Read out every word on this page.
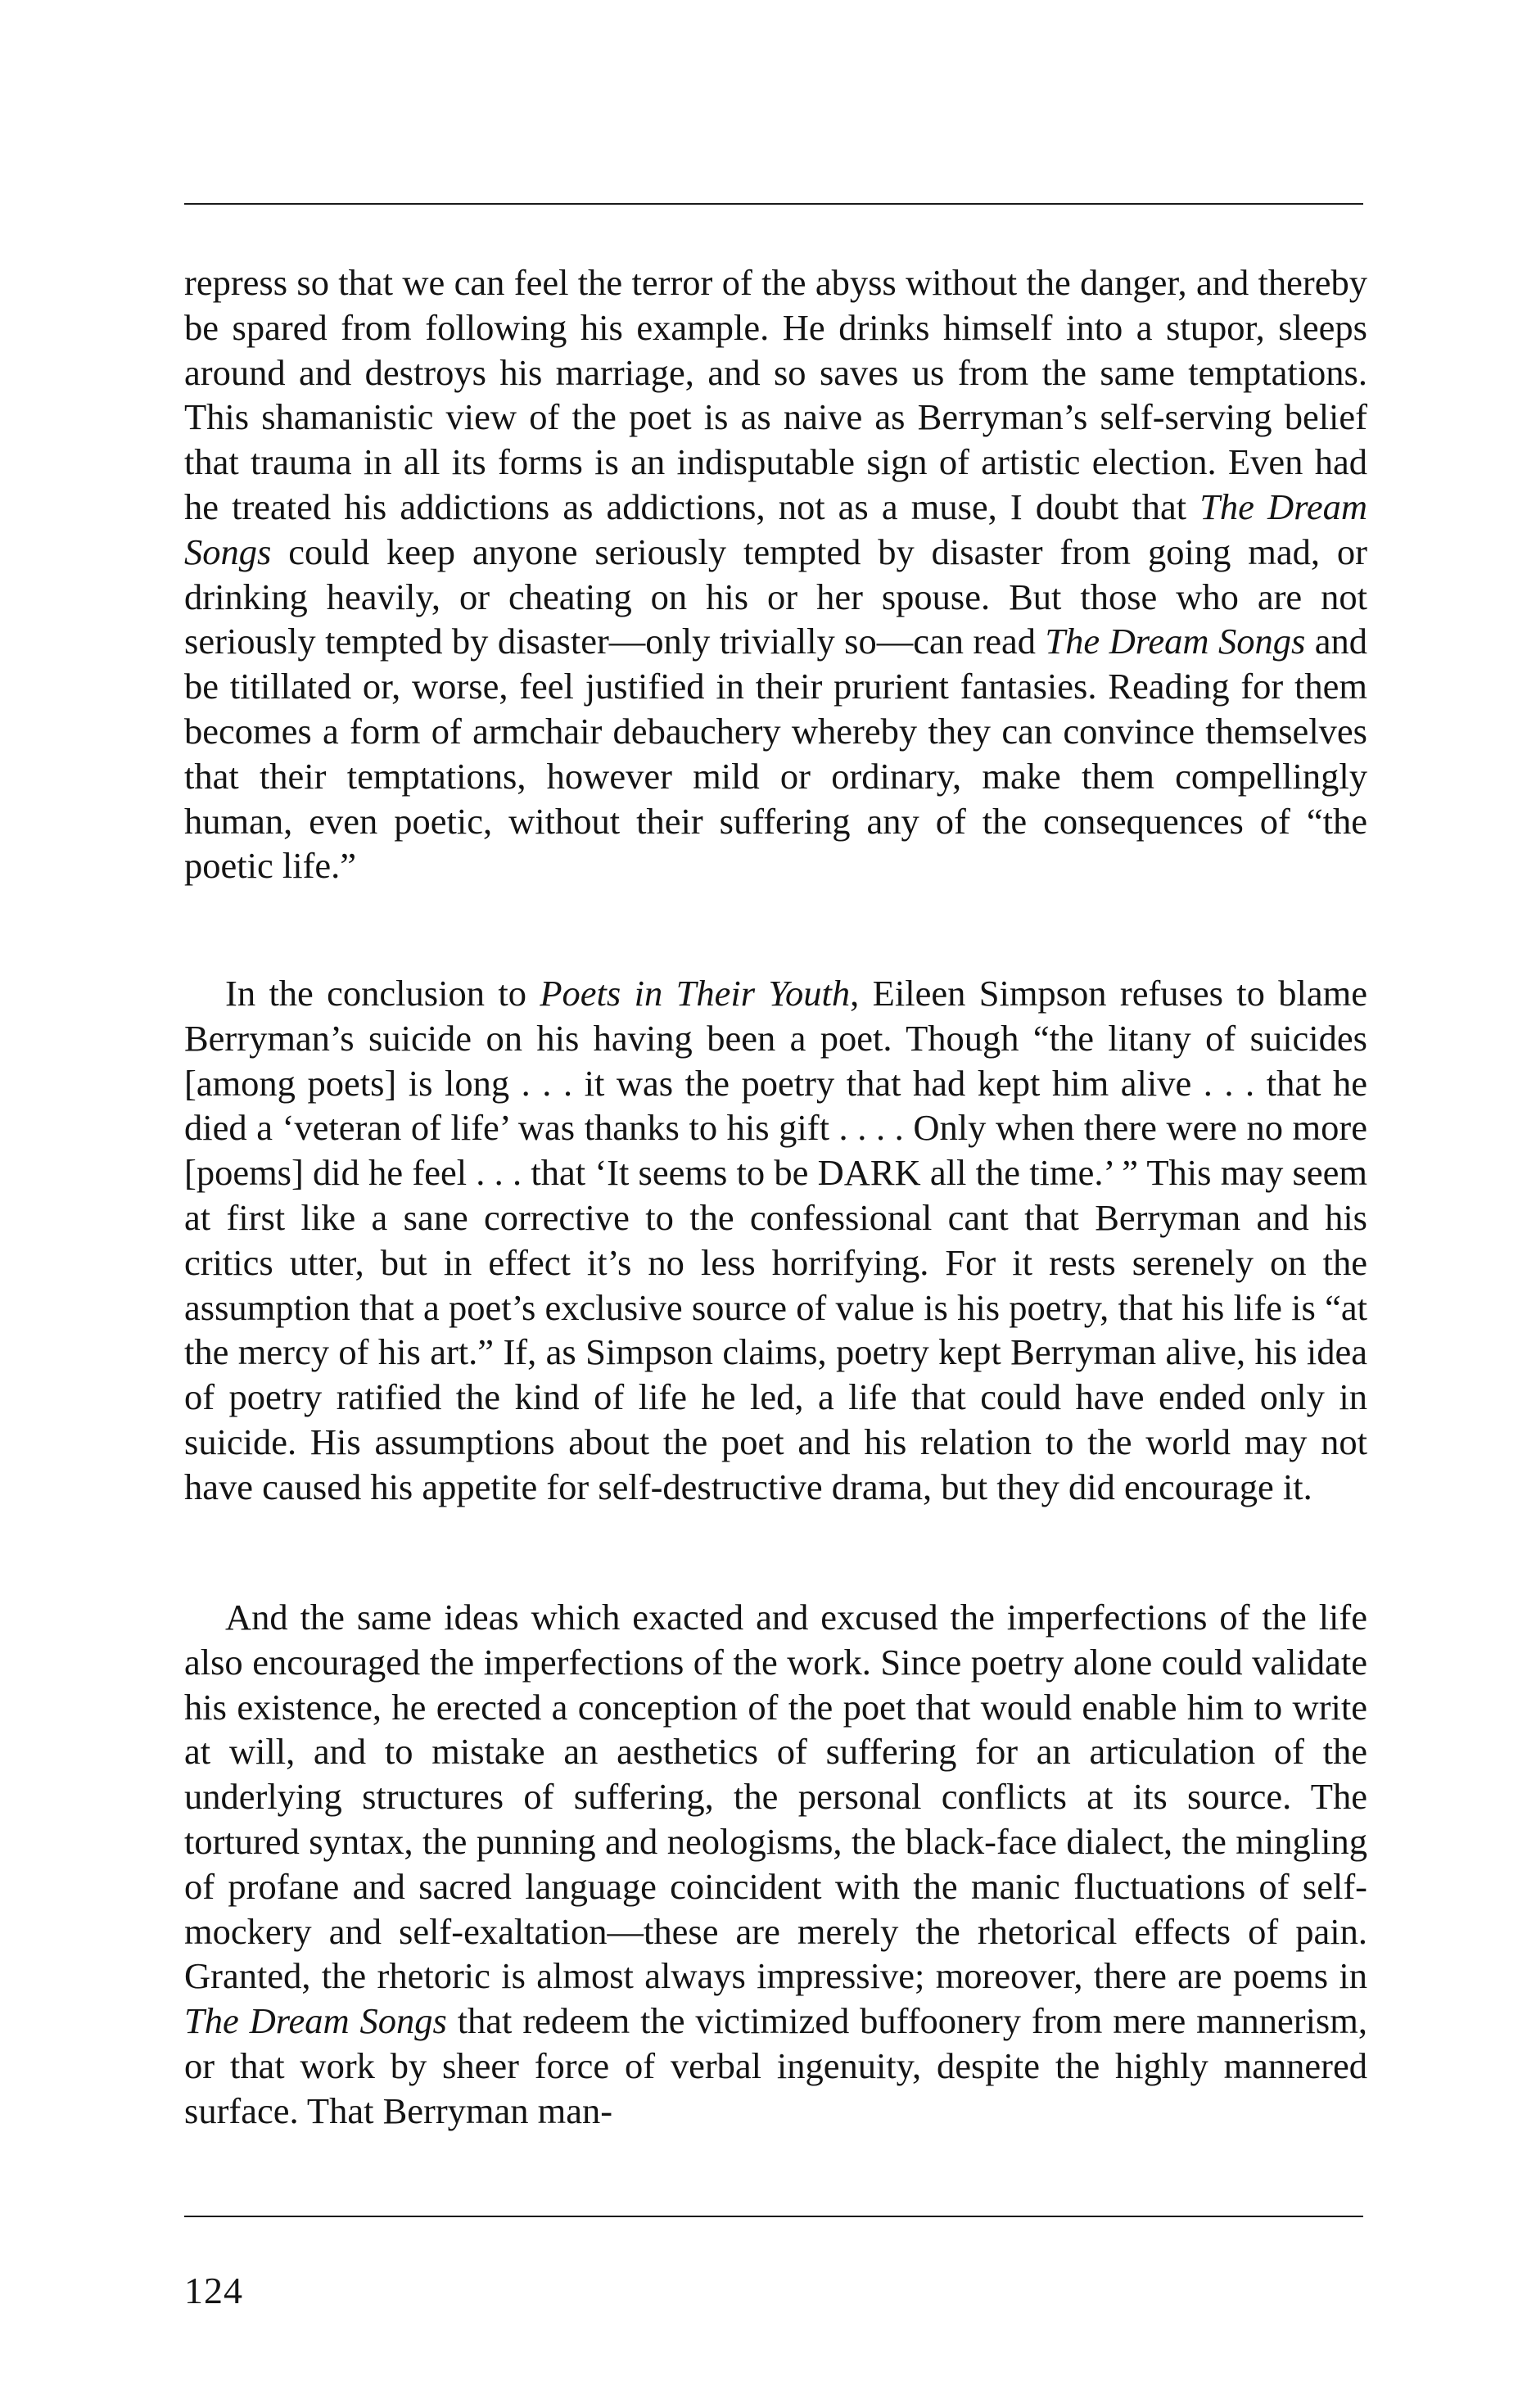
repress so that we can feel the terror of the abyss without the danger, and thereby be spared from following his example. He drinks himself into a stupor, sleeps around and destroys his marriage, and so saves us from the same temptations. This shamanistic view of the poet is as naive as Berryman’s self-serving belief that trauma in all its forms is an indisputable sign of artistic election. Even had he treated his addictions as addictions, not as a muse, I doubt that The Dream Songs could keep anyone seriously tempted by disaster from going mad, or drinking heavily, or cheating on his or her spouse. But those who are not seriously tempted by disaster—only trivially so—can read The Dream Songs and be titillated or, worse, feel justified in their prurient fantasies. Reading for them becomes a form of armchair debauchery whereby they can convince themselves that their temptations, however mild or ordinary, make them compellingly human, even poetic, without their suffering any of the consequences of “the poetic life.”

In the conclusion to Poets in Their Youth, Eileen Simpson refuses to blame Berryman’s suicide on his having been a poet. Though “the litany of suicides [among poets] is long . . . it was the poetry that had kept him alive . . . that he died a ‘veteran of life’ was thanks to his gift . . . . Only when there were no more [poems] did he feel . . . that ‘It seems to be DARK all the time.’ ” This may seem at first like a sane corrective to the confessional cant that Berryman and his critics utter, but in effect it’s no less horrifying. For it rests serenely on the assumption that a poet’s exclusive source of value is his poetry, that his life is “at the mercy of his art.” If, as Simpson claims, poetry kept Berryman alive, his idea of poetry ratified the kind of life he led, a life that could have ended only in suicide. His assumptions about the poet and his relation to the world may not have caused his appetite for self-destructive drama, but they did encourage it.

And the same ideas which exacted and excused the imperfections of the life also encouraged the imperfections of the work. Since poetry alone could validate his existence, he erected a conception of the poet that would enable him to write at will, and to mistake an aesthetics of suffering for an articulation of the underlying structures of suffering, the personal conflicts at its source. The tortured syntax, the punning and neologisms, the black-face dialect, the mingling of profane and sacred language coincident with the manic fluctuations of self-mockery and self-exaltation—these are merely the rhetorical effects of pain. Granted, the rhetoric is almost always impressive; moreover, there are poems in The Dream Songs that redeem the victimized buffoonery from mere mannerism, or that work by sheer force of verbal ingenuity, despite the highly mannered surface. That Berryman man-

124
